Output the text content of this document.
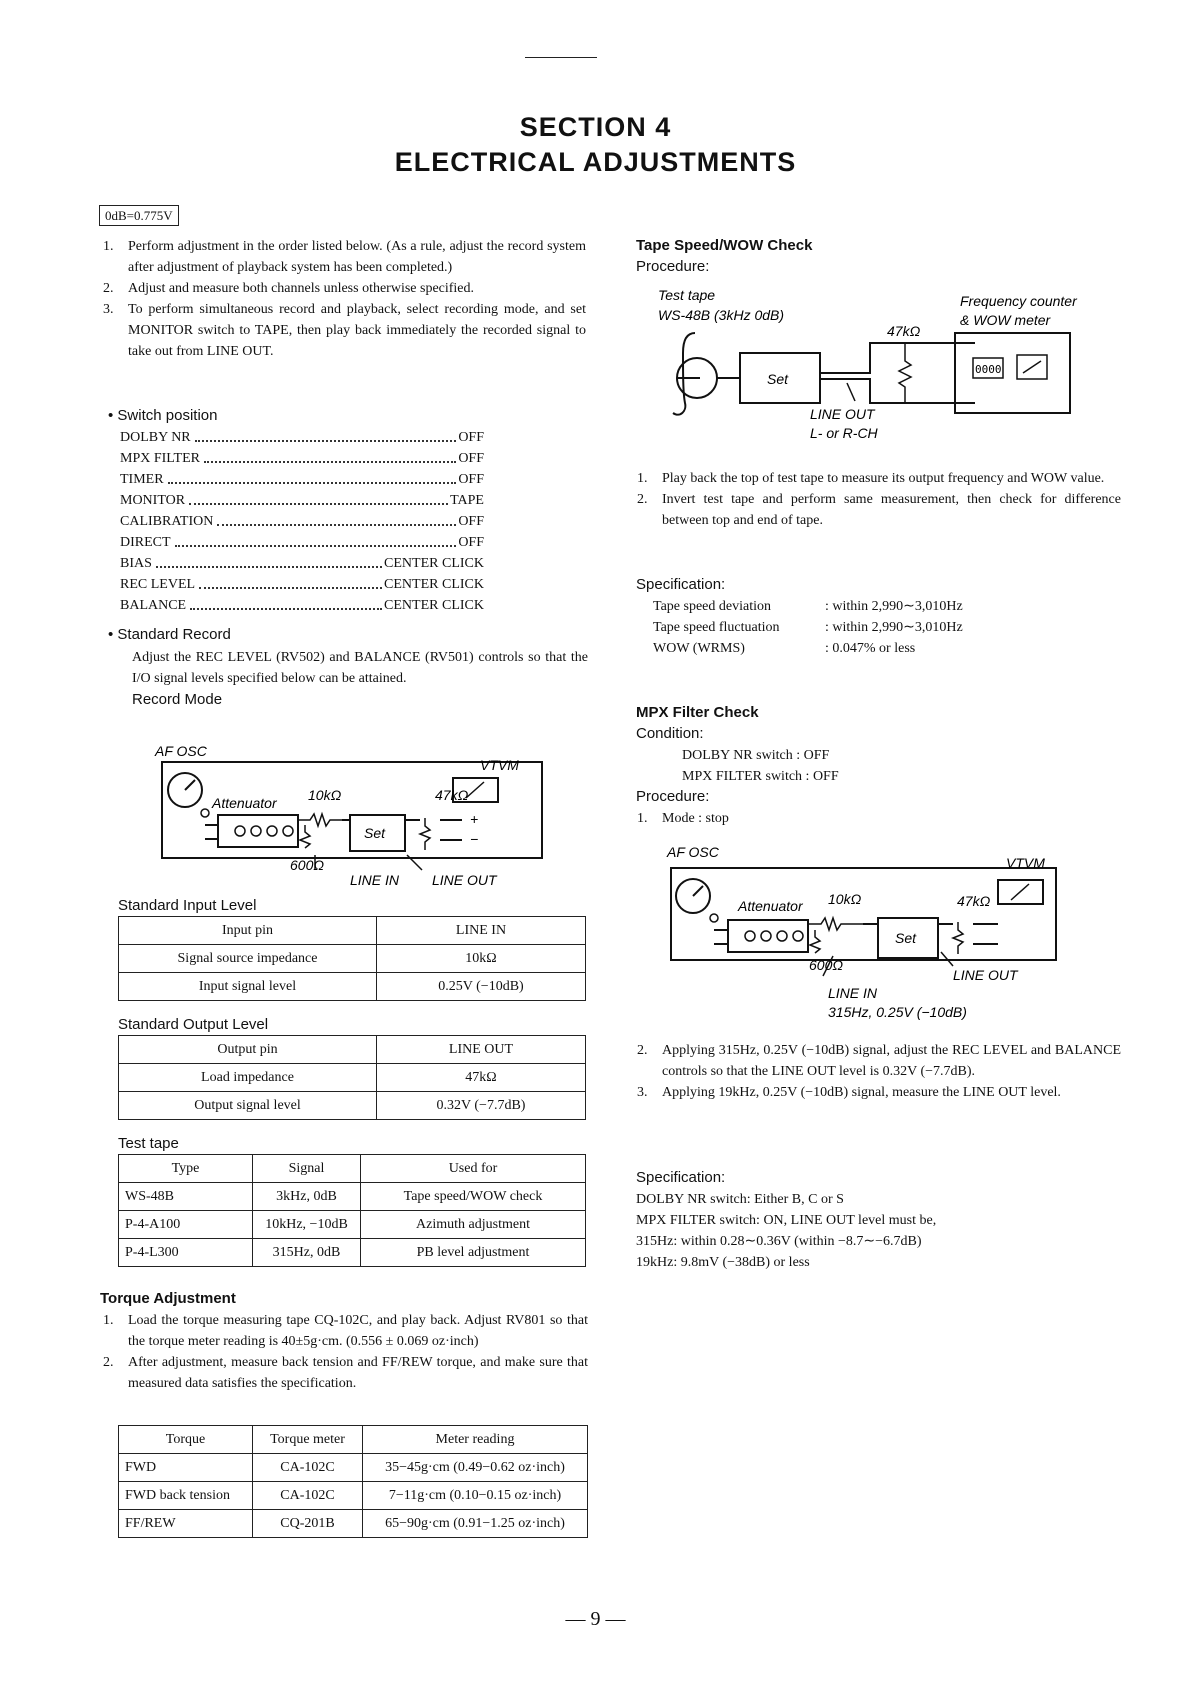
SECTION 4
ELECTRICAL ADJUSTMENTS
0dB=0.775V
1.	Perform adjustment in the order listed below. (As a rule, adjust the record system after adjustment of playback system has been completed.)
2.	Adjust and measure both channels unless otherwise specified.
3.	To perform simultaneous record and playback, select recording mode, and set MONITOR switch to TAPE, then play back immediately the recorded signal to take out from LINE OUT.
• Switch position
DOLBY NR	OFF
MPX FILTER	OFF
TIMER	OFF
MONITOR	TAPE
CALIBRATION	OFF
DIRECT	OFF
BIAS	CENTER CLICK
REC LEVEL	CENTER CLICK
BALANCE	CENTER CLICK
• Standard Record
Adjust the REC LEVEL (RV502) and BALANCE (RV501) controls so that the I/O signal levels specified below can be attained.
Record Mode
AF OSC
VTVM
Attenuator 10kΩ	47kΩ
600Ω
Set
+
−
LINE IN LINE OUT
Standard Input Level
Input pin	LINE IN
Signal source impedance	10kΩ
Input signal level	0.25V (−10dB)
Standard Output Level
Output pin	LINE OUT
Load impedance	47kΩ
Output signal level	0.32V (−7.7dB)
Test tape
Type	Signal	Used for
WS-48B	3kHz, 0dB	Tape speed/WOW check
P-4-A100	10kHz, −10dB	Azimuth adjustment
P-4-L300	315Hz, 0dB	PB level adjustment
Torque Adjustment
1.	Load the torque measuring tape CQ-102C, and play back. Adjust RV801 so that the torque meter reading is 40±5g·cm. (0.556 ± 0.069 oz·inch)
2.	After adjustment, measure back tension and FF/REW torque, and make sure that measured data satisfies the specification.
Torque	Torque meter	Meter reading
FWD	CA-102C	35−45g·cm (0.49−0.62 oz·inch)
FWD back tension	CA-102C	7−11g·cm (0.10−0.15 oz·inch)
FF/REW	CQ-201B	65−90g·cm (0.91−1.25 oz·inch)
Tape Speed/WOW Check
Procedure:
Test tape
WS-48B (3kHz 0dB)
Frequency counter
& WOW meter
47kΩ
Set
0000
LINE OUT
L- or R-CH
1.	Play back the top of test tape to measure its output frequency and WOW value.
2.	Invert test tape and perform same measurement, then check for difference between top and end of tape.
Specification:
Tape speed deviation	: within 2,990∼3,010Hz
Tape speed fluctuation	: within 2,990∼3,010Hz
WOW (WRMS)	: 0.047% or less
MPX Filter Check
Condition:
DOLBY NR switch : OFF
MPX FILTER switch : OFF
Procedure:
1.	Mode : stop
AF OSC
VTVM
Attenuator 10kΩ	47kΩ
600Ω
Set
LINE OUT
LINE IN
315Hz, 0.25V (−10dB)
2.	Applying 315Hz, 0.25V (−10dB) signal, adjust the REC LEVEL and BALANCE controls so that the LINE OUT level is 0.32V (−7.7dB).
3.	Applying 19kHz, 0.25V (−10dB) signal, measure the LINE OUT level.
Specification:
DOLBY NR switch: Either B, C or S
MPX FILTER switch: ON, LINE OUT level must be,
315Hz: within 0.28∼0.36V (within −8.7∼−6.7dB)
19kHz: 9.8mV (−38dB) or less
— 9 —
